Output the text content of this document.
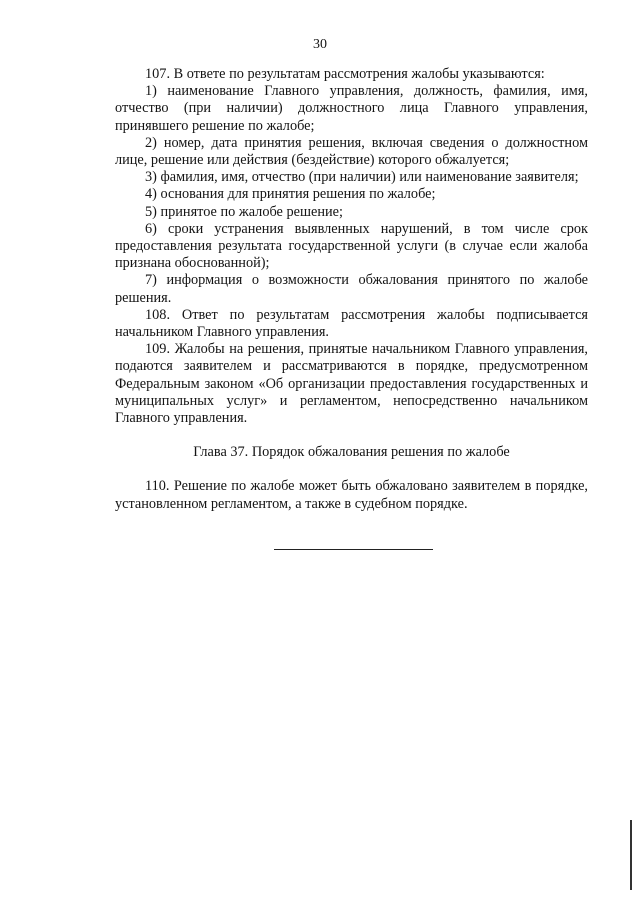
30

107. В ответе по результатам рассмотрения жалобы указываются:

1) наименование Главного управления, должность, фамилия, имя, отчество (при наличии) должностного лица Главного управления, принявшего решение по жалобе;

2) номер, дата принятия решения, включая сведения о должностном лице, решение или действия (бездействие) которого обжалуется;

3) фамилия, имя, отчество (при наличии) или наименование заявителя;

4) основания для принятия решения по жалобе;

5) принятое по жалобе решение;

6) сроки устранения выявленных нарушений, в том числе срок предоставления результата государственной услуги (в случае если жалоба признана обоснованной);

7) информация о возможности обжалования принятого по жалобе решения.

108. Ответ по результатам рассмотрения жалобы подписывается начальником Главного управления.

109. Жалобы на решения, принятые начальником Главного управления, подаются заявителем и рассматриваются в порядке, предусмотренном Федеральным законом «Об организации предоставления государственных и муниципальных услуг» и регламентом, непосредственно начальником Главного управления.

Глава 37. Порядок обжалования решения по жалобе

110. Решение по жалобе может быть обжаловано заявителем в порядке, установленном регламентом, а также в судебном порядке.
